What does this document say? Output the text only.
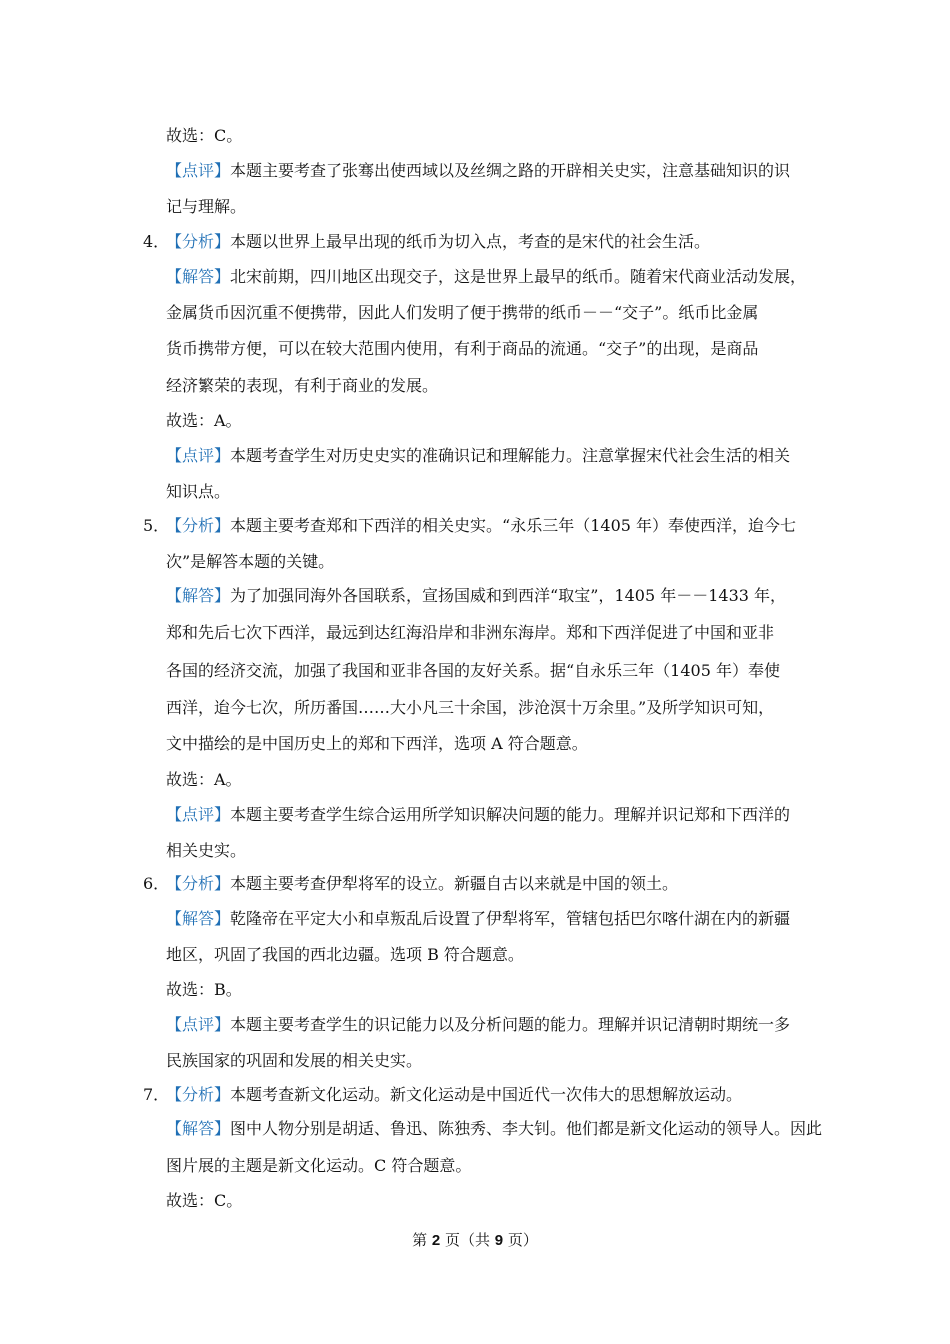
故选：C。
【点评】本题主要考查了张骞出使西域以及丝绸之路的开辟相关史实，注意基础知识的识
记与理解。
4．
【分析】本题以世界上最早出现的纸币为切入点，考查的是宋代的社会生活。
【解答】北宋前期，四川地区出现交子，这是世界上最早的纸币。随着宋代商业活动发展，
金属货币因沉重不便携带，因此人们发明了便于携带的纸币－－“交子”。纸币比金属
货币携带方便，可以在较大范围内使用，有利于商品的流通。“交子”的出现，是商品
经济繁荣的表现，有利于商业的发展。
故选：A。
【点评】本题考查学生对历史史实的准确识记和理解能力。注意掌握宋代社会生活的相关
知识点。
5．
【分析】本题主要考查郑和下西洋的相关史实。“永乐三年（1405 年）奉使西洋，迨今七
次”是解答本题的关键。
【解答】为了加强同海外各国联系，宣扬国威和到西洋“取宝”，1405 年－－1433 年，
郑和先后七次下西洋，最远到达红海沿岸和非洲东海岸。郑和下西洋促进了中国和亚非
各国的经济交流，加强了我国和亚非各国的友好关系。据“自永乐三年（1405 年）奉使
西洋，迨今七次，所历番国……大小凡三十余国，涉沧溟十万余里。”及所学知识可知，
文中描绘的是中国历史上的郑和下西洋，选项 A 符合题意。
故选：A。
【点评】本题主要考查学生综合运用所学知识解决问题的能力。理解并识记郑和下西洋的
相关史实。
6．
【分析】本题主要考查伊犁将军的设立。新疆自古以来就是中国的领土。
【解答】乾隆帝在平定大小和卓叛乱后设置了伊犁将军，管辖包括巴尔喀什湖在内的新疆
地区，巩固了我国的西北边疆。选项 B 符合题意。
故选：B。
【点评】本题主要考查学生的识记能力以及分析问题的能力。理解并识记清朝时期统一多
民族国家的巩固和发展的相关史实。
7．
【分析】本题考查新文化运动。新文化运动是中国近代一次伟大的思想解放运动。
【解答】图中人物分别是胡适、鲁迅、陈独秀、李大钊。他们都是新文化运动的领导人。因此
图片展的主题是新文化运动。C 符合题意。
故选：C。
第 2 页（共 9 页）
